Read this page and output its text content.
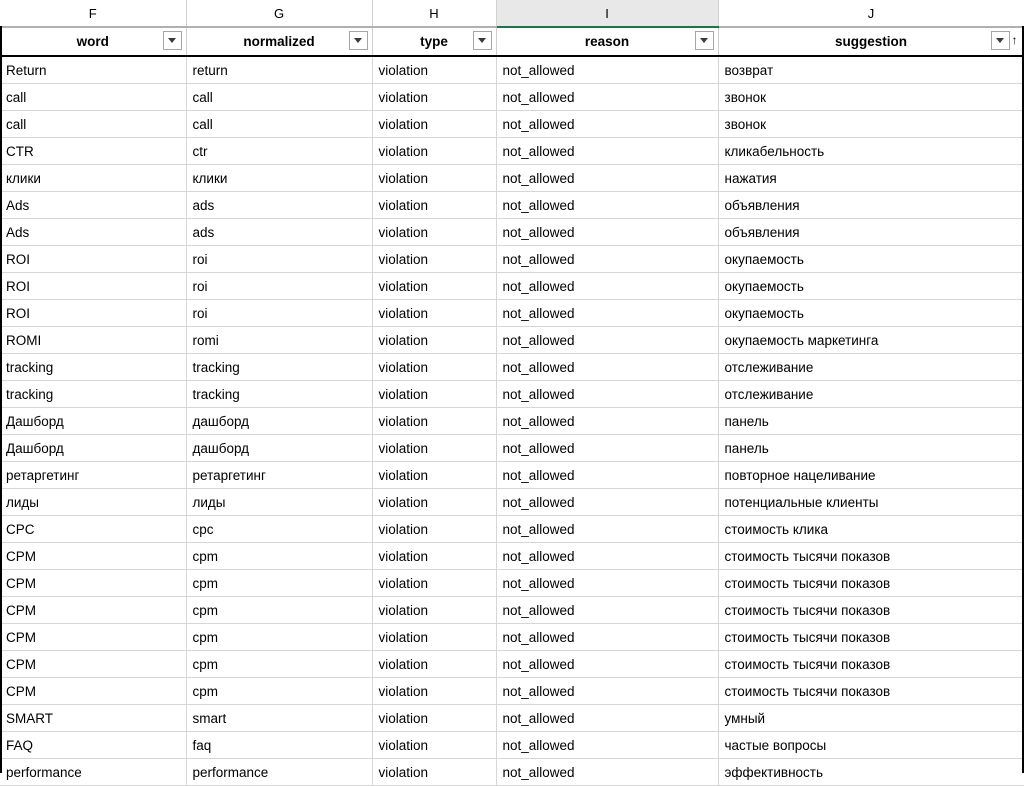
F	G	H	I	J

word	normalized	type	reason	suggestion ↑

Return	return	violation	not_allowed	возврат
call	call	violation	not_allowed	звонок
call	call	violation	not_allowed	звонок
CTR	ctr	violation	not_allowed	кликабельность
клики	клики	violation	not_allowed	нажатия
Ads	ads	violation	not_allowed	объявления
Ads	ads	violation	not_allowed	объявления
ROI	roi	violation	not_allowed	окупаемость
ROI	roi	violation	not_allowed	окупаемость
ROI	roi	violation	not_allowed	окупаемость
ROMI	romi	violation	not_allowed	окупаемость маркетинга
tracking	tracking	violation	not_allowed	отслеживание
tracking	tracking	violation	not_allowed	отслеживание
Дашборд	дашборд	violation	not_allowed	панель
Дашборд	дашборд	violation	not_allowed	панель
ретаргетинг	ретаргетинг	violation	not_allowed	повторное нацеливание
лиды	лиды	violation	not_allowed	потенциальные клиенты
CPC	cpc	violation	not_allowed	стоимость клика
CPM	cpm	violation	not_allowed	стоимость тысячи показов
CPM	cpm	violation	not_allowed	стоимость тысячи показов
CPM	cpm	violation	not_allowed	стоимость тысячи показов
CPM	cpm	violation	not_allowed	стоимость тысячи показов
CPM	cpm	violation	not_allowed	стоимость тысячи показов
CPM	cpm	violation	not_allowed	стоимость тысячи показов
SMART	smart	violation	not_allowed	умный
FAQ	faq	violation	not_allowed	частые вопросы
performance	performance	violation	not_allowed	эффективность
